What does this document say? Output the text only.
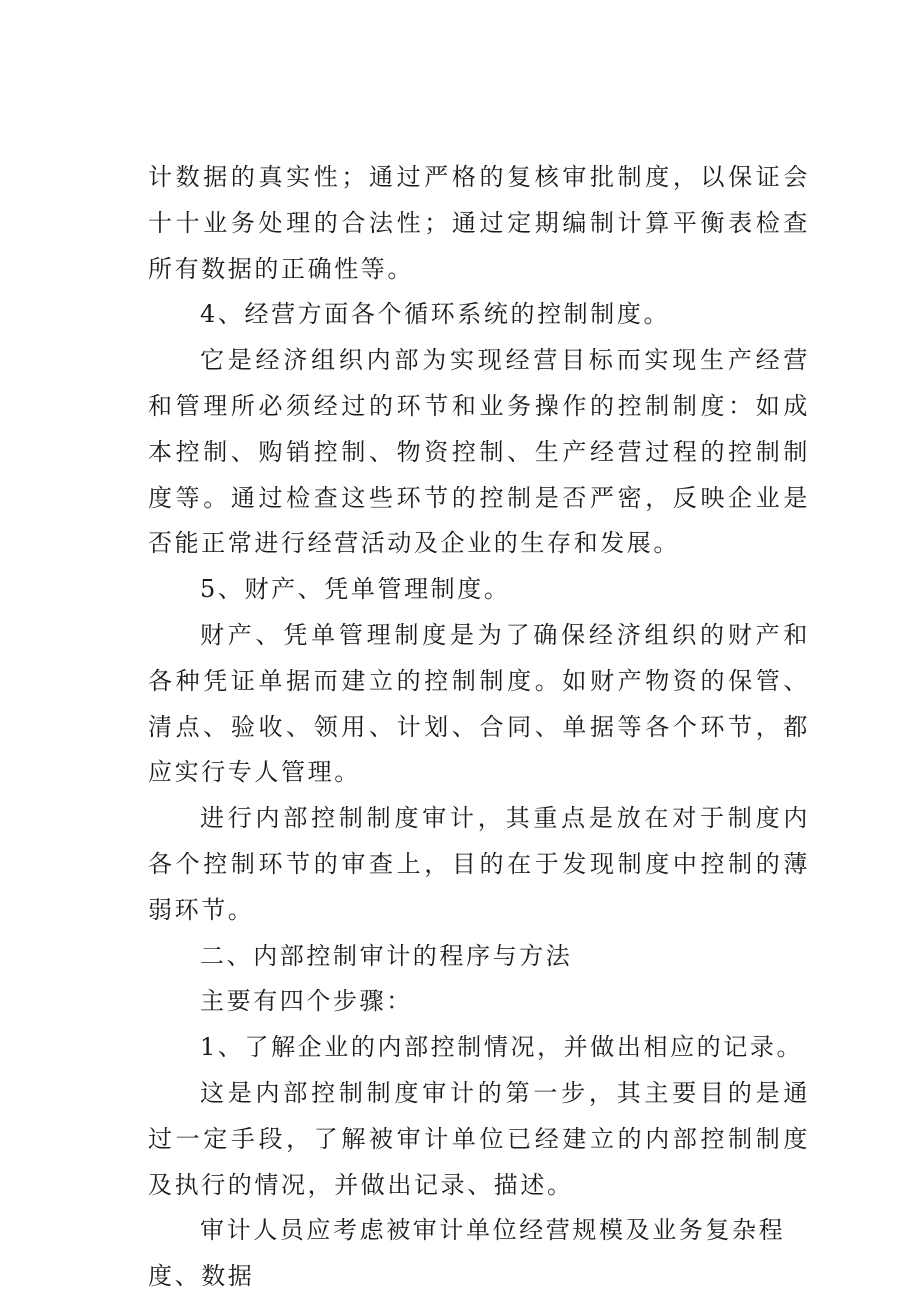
计数据的真实性；通过严格的复核审批制度，以保证会十十业务处理的合法性；通过定期编制计算平衡表检查所有数据的正确性等。

4、经营方面各个循环系统的控制制度。

它是经济组织内部为实现经营目标而实现生产经营和管理所必须经过的环节和业务操作的控制制度：如成本控制、购销控制、物资控制、生产经营过程的控制制度等。通过检查这些环节的控制是否严密，反映企业是否能正常进行经营活动及企业的生存和发展。

5、财产、凭单管理制度。

财产、凭单管理制度是为了确保经济组织的财产和各种凭证单据而建立的控制制度。如财产物资的保管、清点、验收、领用、计划、合同、单据等各个环节，都应实行专人管理。

进行内部控制制度审计，其重点是放在对于制度内各个控制环节的审查上，目的在于发现制度中控制的薄弱环节。

二、内部控制审计的程序与方法

主要有四个步骤：

1、了解企业的内部控制情况，并做出相应的记录。

这是内部控制制度审计的第一步，其主要目的是通过一定手段，了解被审计单位已经建立的内部控制制度及执行的情况，并做出记录、描述。

审计人员应考虑被审计单位经营规模及业务复杂程度、数据
